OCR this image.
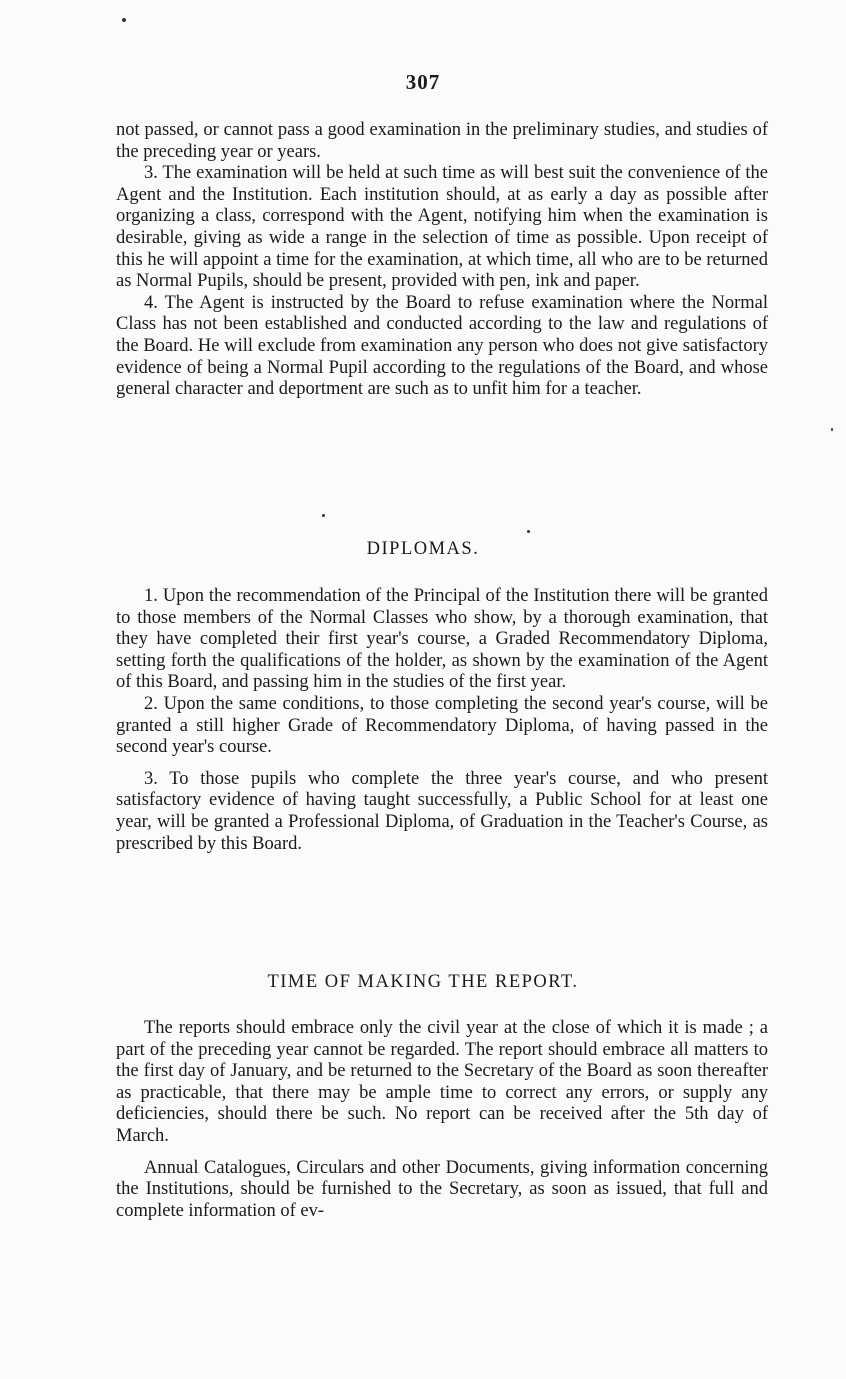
307

not passed, or cannot pass a good examination in the preliminary studies, and studies of the preceding year or years.

3. The examination will be held at such time as will best suit the convenience of the Agent and the Institution. Each institution should, at as early a day as possible after organizing a class, correspond with the Agent, notifying him when the examination is desirable, giving as wide a range in the selection of time as possible. Upon receipt of this he will appoint a time for the examination, at which time, all who are to be returned as Normal Pupils, should be present, provided with pen, ink and paper.

4. The Agent is instructed by the Board to refuse examination where the Normal Class has not been established and conducted according to the law and regulations of the Board. He will exclude from examination any person who does not give satisfactory evidence of being a Normal Pupil according to the regulations of the Board, and whose general character and deportment are such as to unfit him for a teacher.

DIPLOMAS.

1. Upon the recommendation of the Principal of the Institution there will be granted to those members of the Normal Classes who show, by a thorough examination, that they have completed their first year's course, a Graded Recommendatory Diploma, setting forth the qualifications of the holder, as shown by the examination of the Agent of this Board, and passing him in the studies of the first year.

2. Upon the same conditions, to those completing the second year's course, will be granted a still higher Grade of Recommendatory Diploma, of having passed in the second year's course.

3. To those pupils who complete the three year's course, and who present satisfactory evidence of having taught successfully, a Public School for at least one year, will be granted a Professional Diploma, of Graduation in the Teacher's Course, as prescribed by this Board.

TIME OF MAKING THE REPORT.

The reports should embrace only the civil year at the close of which it is made ; a part of the preceding year cannot be regarded. The report should embrace all matters to the first day of January, and be returned to the Secretary of the Board as soon thereafter as practicable, that there may be ample time to correct any errors, or supply any deficiencies, should there be such. No report can be received after the 5th day of March.

Annual Catalogues, Circulars and other Documents, giving information concerning the Institutions, should be furnished to the Secretary, as soon as issued, that full and complete information of ev-
